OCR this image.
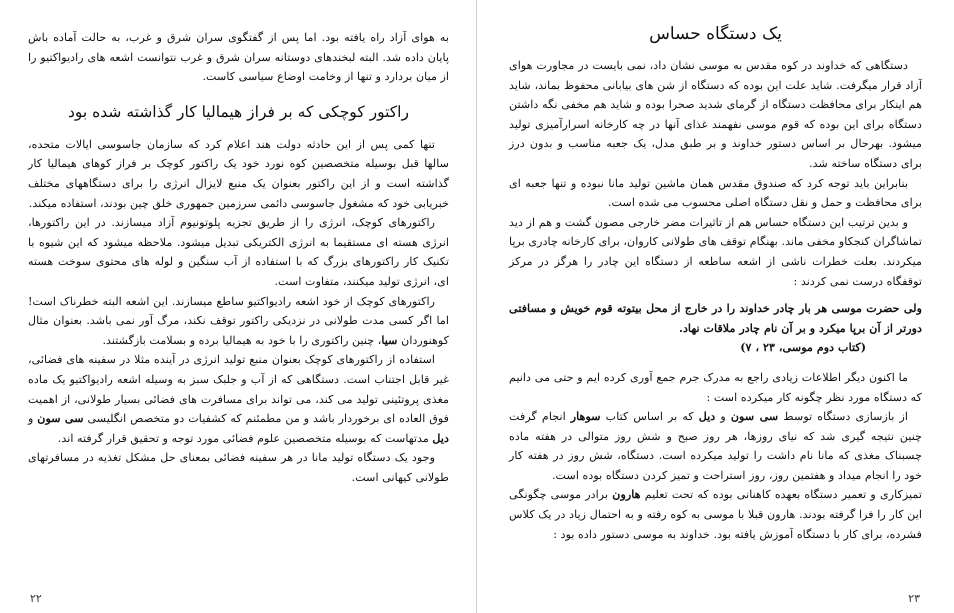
به هوای آزاد راه یافته بود. اما پس از گفتگوی سران شرق و غرب، به حالت آماده باش پایان داده شد. البته لبخندهای دوستانه سران شرق و غرب نتوانست اشعه های رادیواکتیو را از میان بردارد و تنها از وخامت اوضاع سیاسی کاست.

راکتور کوچکی که بر فراز هیمالیا کار گذاشته شده بود

تنها کمی پس از این حادثه دولت هند اعلام کرد که سازمان جاسوسی ایالات متحده، سالها قبل بوسیله متخصصین کوه نورد خود یک راکتور کوچک بر فراز کوهای هیمالیا کار گذاشته است و از این راکتور بعنوان یک منبع لایزال انرژی را برای دستگاههای مختلف خبریابی خود که مشغول جاسوسی دائمی سرزمین جمهوری خلق چین بودند، استفاده میکند.

راکتورهای کوچک، انرژی را از طریق تجزیه پلوتونیوم آزاد میسازند. در این راکتورها، انرژی هسته ای مستقیما به انرژی الکتریکی تبدیل میشود. ملاحظه میشود که این شیوه با تکنیک کار راکتورهای بزرگ که با استفاده از آب سنگین و لوله های محتوی سوخت هسته ای، انرژی تولید میکنند، متفاوت است.

راکتورهای کوچک از خود اشعه رادیواکتیو ساطع میسازند. این اشعه البته خطرناک است! اما اگر کسی مدت طولانی در نزدیکی راکتور توقف نکند، مرگ آور نمی باشد. بعنوان مثال کوهنوردان سیا، چنین راکتوری را با خود به هیمالیا برده و بسلامت بازگشتند.

استفاده از راکتورهای کوچک بعنوان منبع تولید انرژی در آینده مثلا در سفینه های فضائی، غیر قابل اجتناب است. دستگاهی که از آب و جلبک سبز به وسیله اشعه رادیواکتیو یک ماده مغذی پروتئینی تولید می کند، می تواند برای مسافرت های فضائی بسیار طولانی، از اهمیت فوق العاده ای برخوردار باشد و من مطمئنم که کشفیات دو متخصص انگلیسی سی سون و دیل مدتهاست که بوسیله متخصصین علوم فضائی مورد توجه و تحقیق قرار گرفته اند.

وجود یک دستگاه تولید مانا در هر سفینه فضائی بمعنای حل مشکل تغذیه در مسافرتهای طولانی کیهانی است.

۲۲
یک دستگاه حساس

دستگاهی که خداوند در کوه مقدس به موسی نشان داد، نمی بایست در مجاورت هوای آزاد قرار میگرفت. شاید علت این بوده که دستگاه از شن های بیابانی محفوظ بماند، شاید هم اینکار برای محافظت دستگاه از گرمای شدید صحرا بوده و شاید هم مخفی نگه داشتن دستگاه برای این بوده که قوم موسی نفهمند غذای آنها در چه کارخانه اسرارآمیزی تولید میشود. بهرحال بر اساس دستور خداوند و بر طبق مدل، یک جعبه مناسب و بدون درز برای دستگاه ساخته شد.

بنابراین باید توجه کرد که صندوق مقدس همان ماشین تولید مانا نبوده و تنها جعبه ای برای محافظت و حمل و نقل دستگاه اصلی محسوب می شده است.

و بدین ترتیب این دستگاه حساس هم از تاثیرات مضر خارجی مصون گشت و هم از دید تماشاگران کنجکاو مخفی ماند. بهنگام توقف های طولانی کاروان، برای کارخانه چادری برپا میکردند. بعلت خطرات ناشی از اشعه ساطعه از دستگاه این چادر را هرگز در مرکز توقفگاه درست نمی کردند :

ولی حضرت موسی هر بار چادر خداوند را در خارج از محل بیتوته قوم خویش و مسافتی دورتر از آن برپا میکرد و بر آن نام چادر ملاقات نهاد.

(کتاب دوم موسی، ۲۳ ، ۷)

ما اکنون دیگر اطلاعات زیادی راجع به مدرک جرم جمع آوری کرده ایم و حتی می دانیم که دستگاه مورد نظر چگونه کار میکرده است :

از بازسازی دستگاه توسط سی سون و دیل که بر اساس کتاب سوهار انجام گرفت چنین نتیجه گیری شد که نیای روزها، هر روز صبح و شش روز متوالی در هفته ماده چسبناک مغذی که مانا نام داشت را تولید میکرده است. دستگاه، شش روز در هفته کار خود را انجام میداد و هفتمین روز، روز استراحت و تمیز کردن دستگاه بوده است.

تمیزکاری و تعمیر دستگاه بعهده کاهنانی بوده که تحت تعلیم هارون برادر موسی چگونگی این کار را فرا گرفته بودند. هارون قبلا با موسی به کوه رفته و به احتمال زیاد در یک کلاس فشرده، برای کار با دستگاه آموزش یافته بود. خداوند به موسی دستور داده بود :

۲۳
